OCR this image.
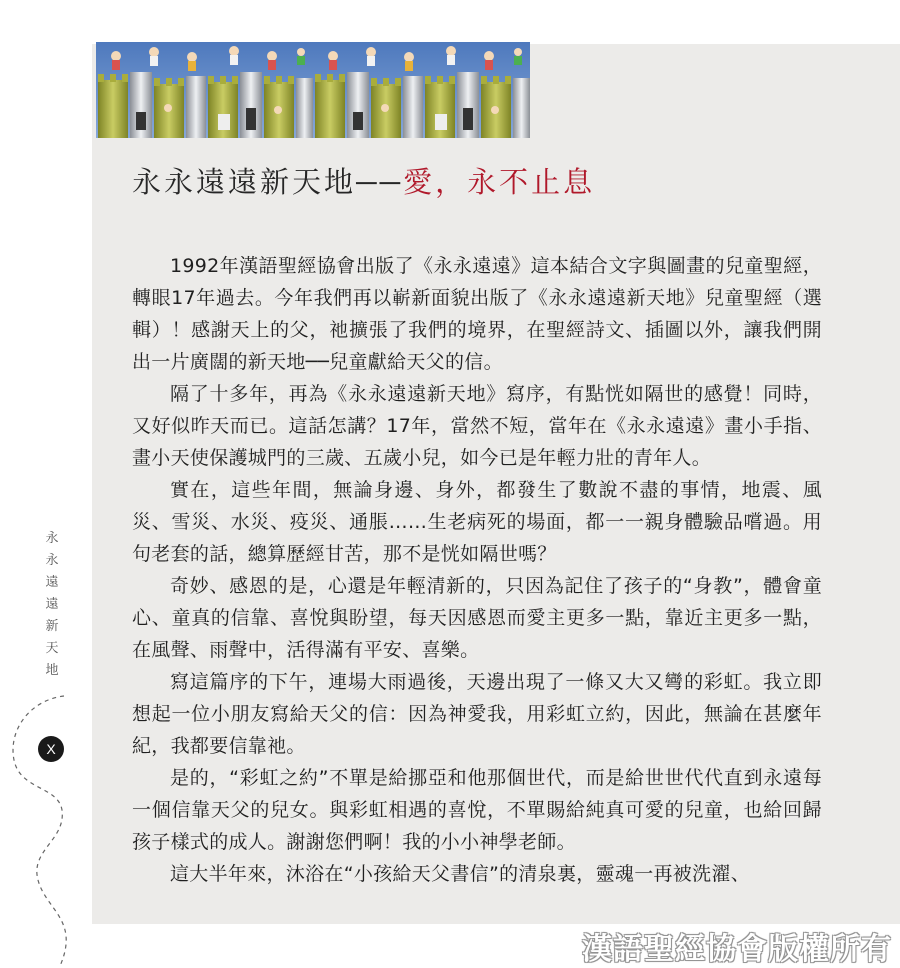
永永遠遠新天地──愛，永不止息

1992年漢語聖經協會出版了《永永遠遠》這本結合文字與圖畫的兒童聖經，轉眼17年過去。今年我們再以嶄新面貌出版了《永永遠遠新天地》兒童聖經（選輯）！感謝天上的父，祂擴張了我們的境界，在聖經詩文、插圖以外，讓我們開出一片廣闊的新天地──兒童獻給天父的信。

隔了十多年，再為《永永遠遠新天地》寫序，有點恍如隔世的感覺！同時，又好似昨天而已。這話怎講？17年，當然不短，當年在《永永遠遠》畫小手指、畫小天使保護城門的三歲、五歲小兒，如今已是年輕力壯的青年人。

實在，這些年間，無論身邊、身外，都發生了數說不盡的事情，地震、風災、雪災、水災、疫災、通脹……生老病死的場面，都一一親身體驗品嚐過。用句老套的話，總算歷經甘苦，那不是恍如隔世嗎？

奇妙、感恩的是，心還是年輕清新的，只因為記住了孩子的“身教”，體會童心、童真的信靠、喜悅與盼望，每天因感恩而愛主更多一點，靠近主更多一點，在風聲、雨聲中，活得滿有平安、喜樂。

寫這篇序的下午，連場大雨過後，天邊出現了一條又大又彎的彩虹。我立即想起一位小朋友寫給天父的信：因為神愛我，用彩虹立約，因此，無論在甚麼年紀，我都要信靠祂。

是的，“彩虹之約”不單是給挪亞和他那個世代，而是給世世代代直到永遠每一個信靠天父的兒女。與彩虹相遇的喜悅，不單賜給純真可愛的兒童，也給回歸孩子樣式的成人。謝謝您們啊！我的小小神學老師。

這大半年來，沐浴在“小孩給天父書信”的清泉裏，靈魂一再被洗濯、

永
永
遠
遠
新
天
地
X
漢語聖經協會版權所有
